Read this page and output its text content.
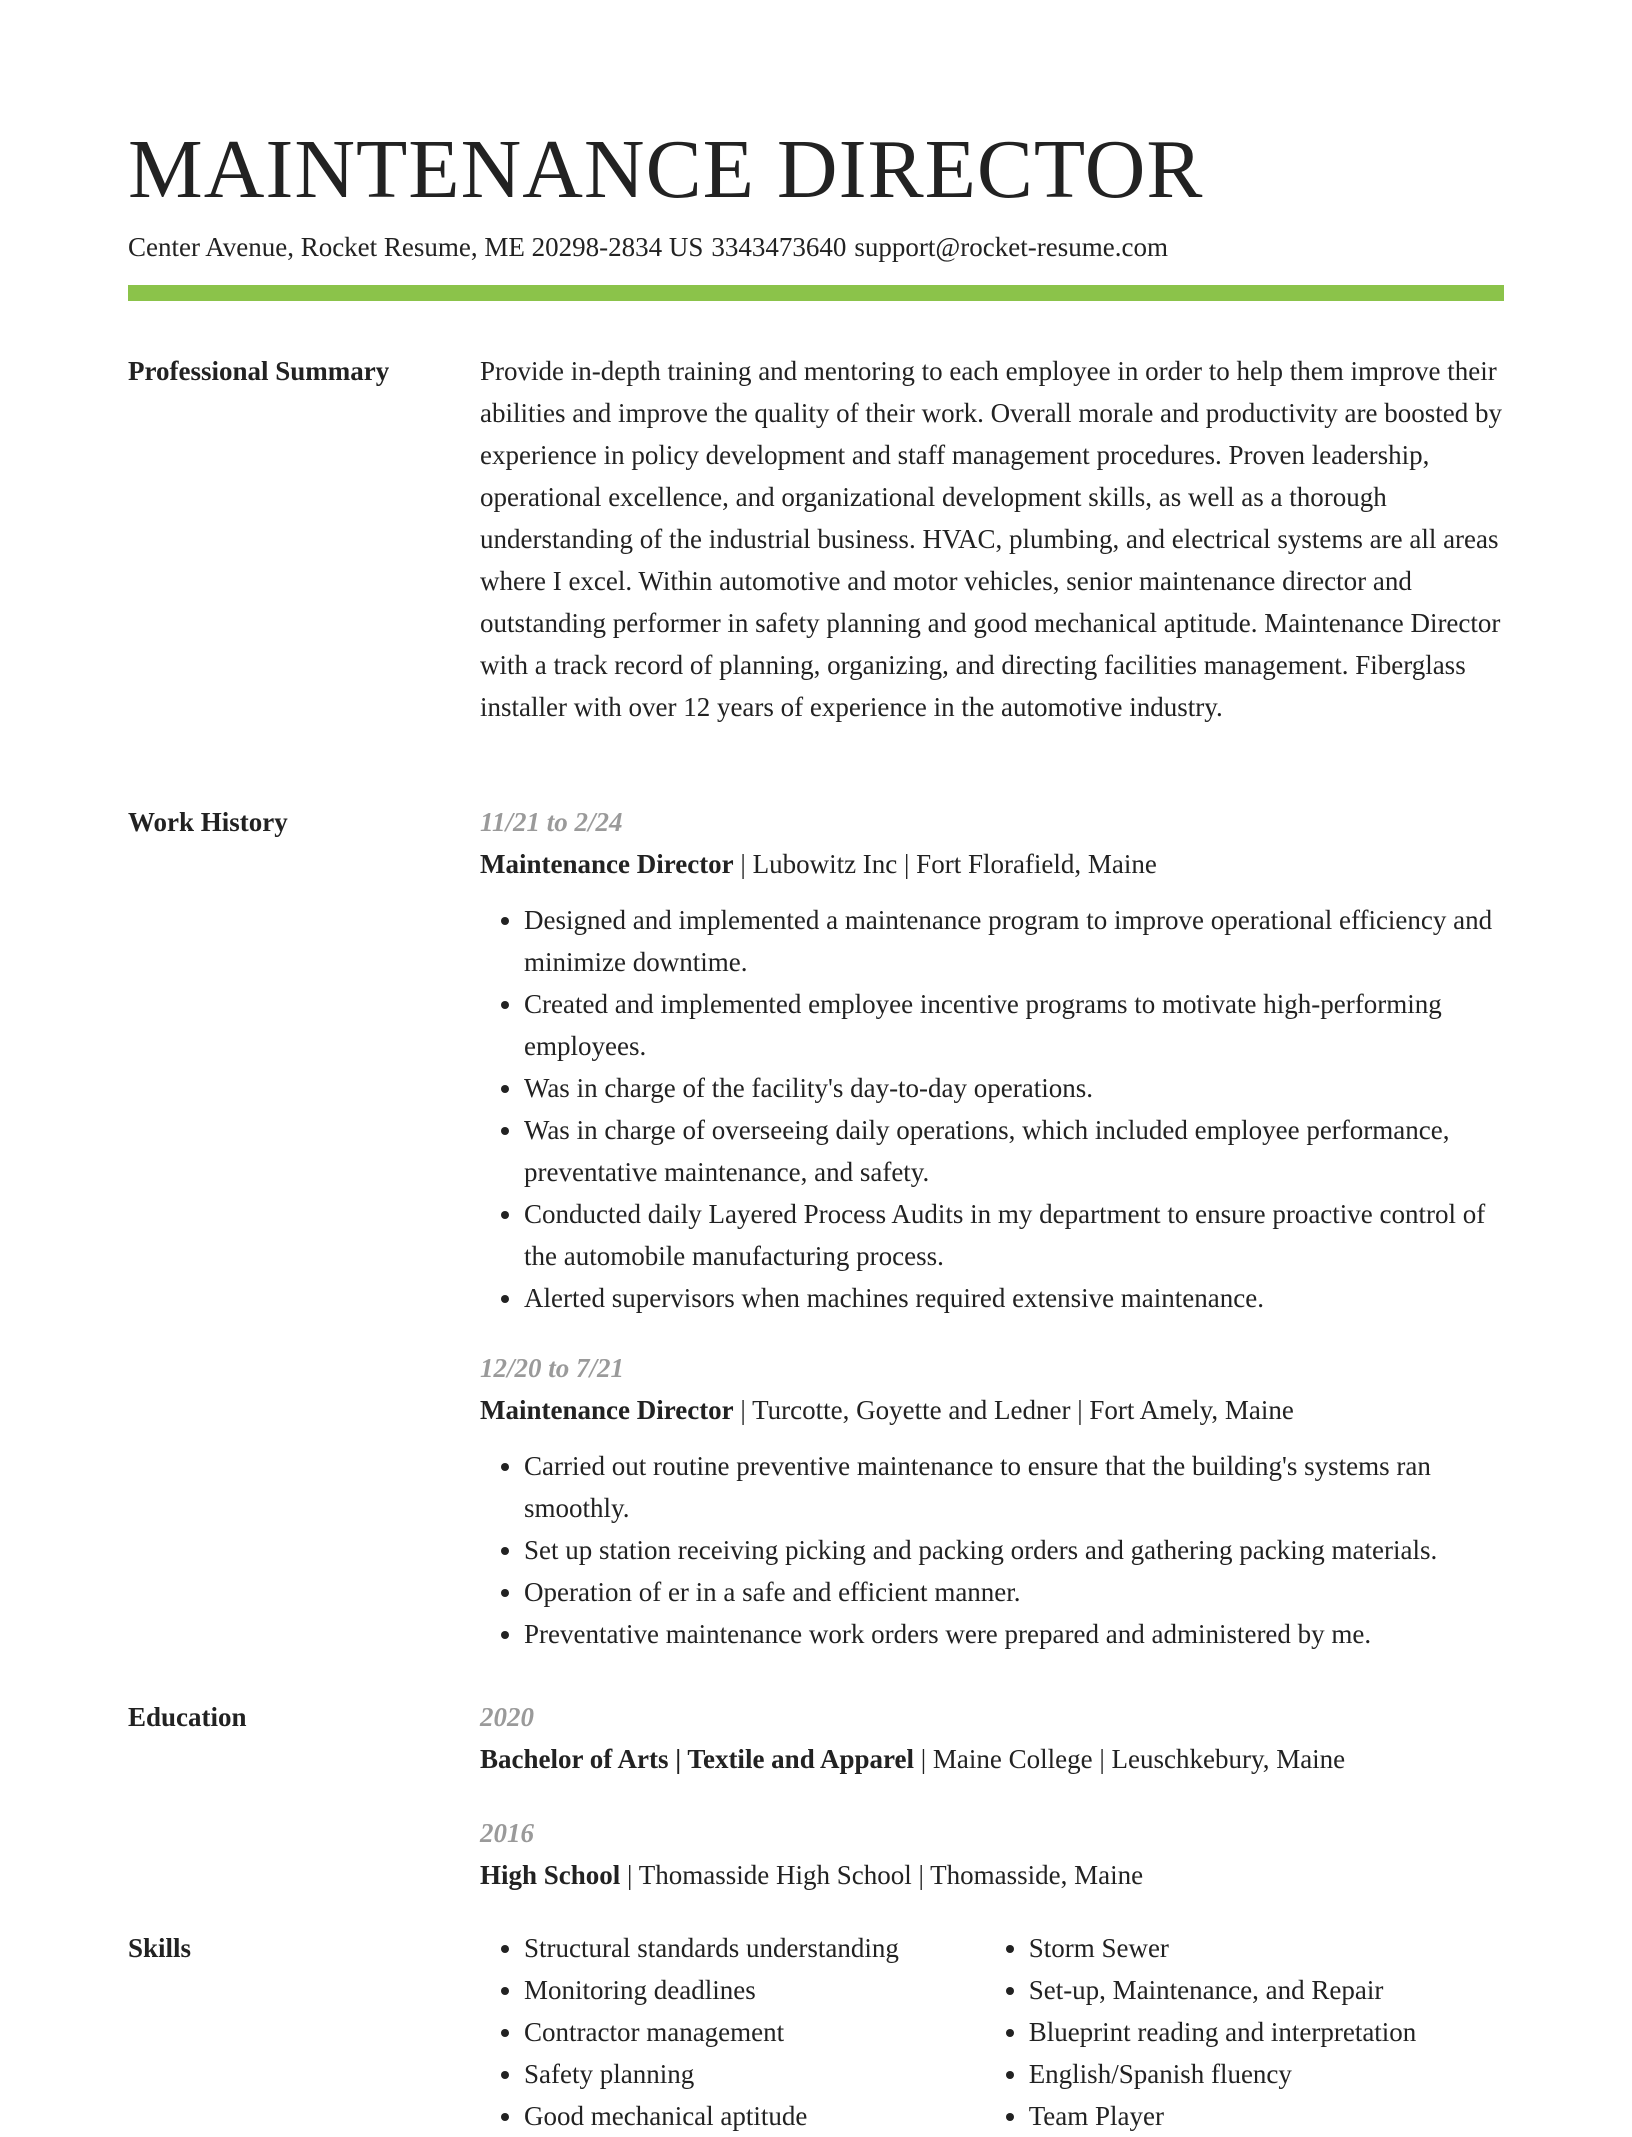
MAINTENANCE DIRECTOR
Center Avenue, Rocket Resume, ME 20298-2834 US 3343473640 support@rocket-resume.com
Professional Summary	Provide in-depth training and mentoring to each employee in order to help them improve their abilities and improve the quality of their work. Overall morale and productivity are boosted by experience in policy development and staff management procedures. Proven leadership, operational excellence, and organizational development skills, as well as a thorough understanding of the industrial business. HVAC, plumbing, and electrical systems are all areas where I excel. Within automotive and motor vehicles, senior maintenance director and outstanding performer in safety planning and good mechanical aptitude. Maintenance Director with a track record of planning, organizing, and directing facilities management. Fiberglass installer with over 12 years of experience in the automotive industry.

Work History	11/21 to 2/24
Maintenance Director | Lubowitz Inc | Fort Florafield, Maine
• Designed and implemented a maintenance program to improve operational efficiency and minimize downtime.
• Created and implemented employee incentive programs to motivate high-performing employees.
• Was in charge of the facility's day-to-day operations.
• Was in charge of overseeing daily operations, which included employee performance, preventative maintenance, and safety.
• Conducted daily Layered Process Audits in my department to ensure proactive control of the automobile manufacturing process.
• Alerted supervisors when machines required extensive maintenance.
12/20 to 7/21
Maintenance Director | Turcotte, Goyette and Ledner | Fort Amely, Maine
• Carried out routine preventive maintenance to ensure that the building's systems ran smoothly.
• Set up station receiving picking and packing orders and gathering packing materials.
• Operation of er in a safe and efficient manner.
• Preventative maintenance work orders were prepared and administered by me.
Education	2020
Bachelor of Arts | Textile and Apparel | Maine College | Leuschkebury, Maine
2016
High School | Thomasside High School | Thomasside, Maine
Skills
•	Structural standards understanding
• Monitoring deadlines
• Contractor management
• Safety planning
• Good mechanical aptitude
• Storm Sewer
• Set-up, Maintenance, and Repair
• Blueprint reading and interpretation
• English/Spanish fluency
• Team Player
